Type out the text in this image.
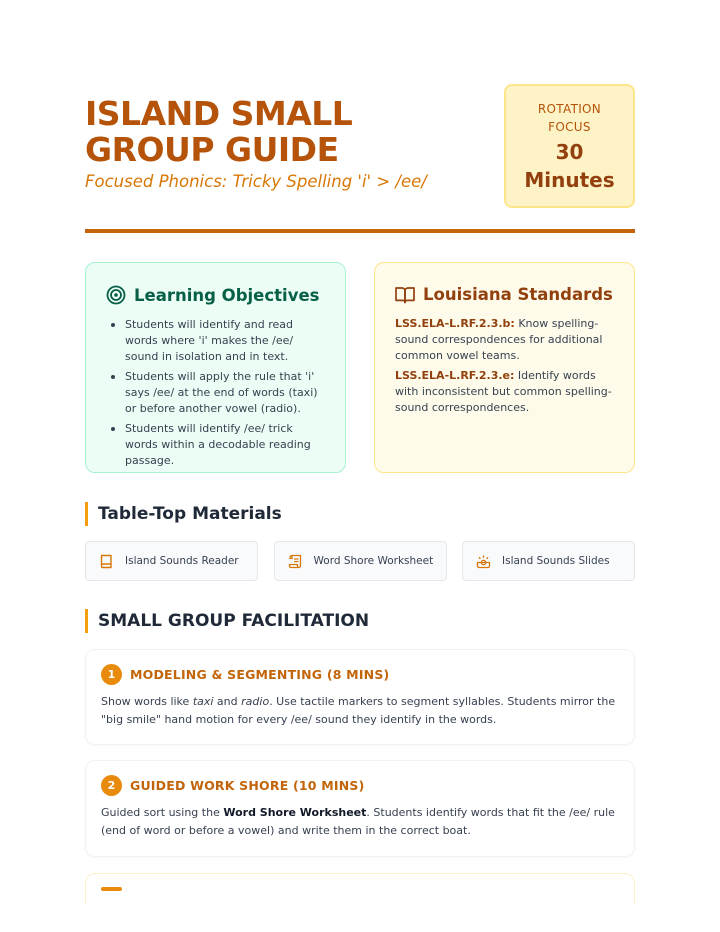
ISLAND SMALL GROUP GUIDE
Focused Phonics: Tricky Spelling 'i' > /ee/
ROTATION
FOCUS
30
Minutes
Learning Objectives
Students will identify and read words where 'i' makes the /ee/ sound in isolation and in text.
Students will apply the rule that 'i' says /ee/ at the end of words (taxi) or before another vowel (radio).
Students will identify /ee/ trick words within a decodable reading passage.
Louisiana Standards
LSS.ELA-L.RF.2.3.b: Know spelling-sound correspondences for additional common vowel teams.
LSS.ELA-L.RF.2.3.e: Identify words with inconsistent but common spelling-sound correspondences.
Table-Top Materials
Island Sounds Reader	Word Shore Worksheet	Island Sounds Slides
SMALL GROUP FACILITATION
1	MODELING & SEGMENTING (8 MINS)
Show words like taxi and radio. Use tactile markers to segment syllables. Students mirror the "big smile" hand motion for every /ee/ sound they identify in the words.
2	GUIDED WORK SHORE (10 MINS)
Guided sort using the Word Shore Worksheet. Students identify words that fit the /ee/ rule (end of word or before a vowel) and write them in the correct boat.
